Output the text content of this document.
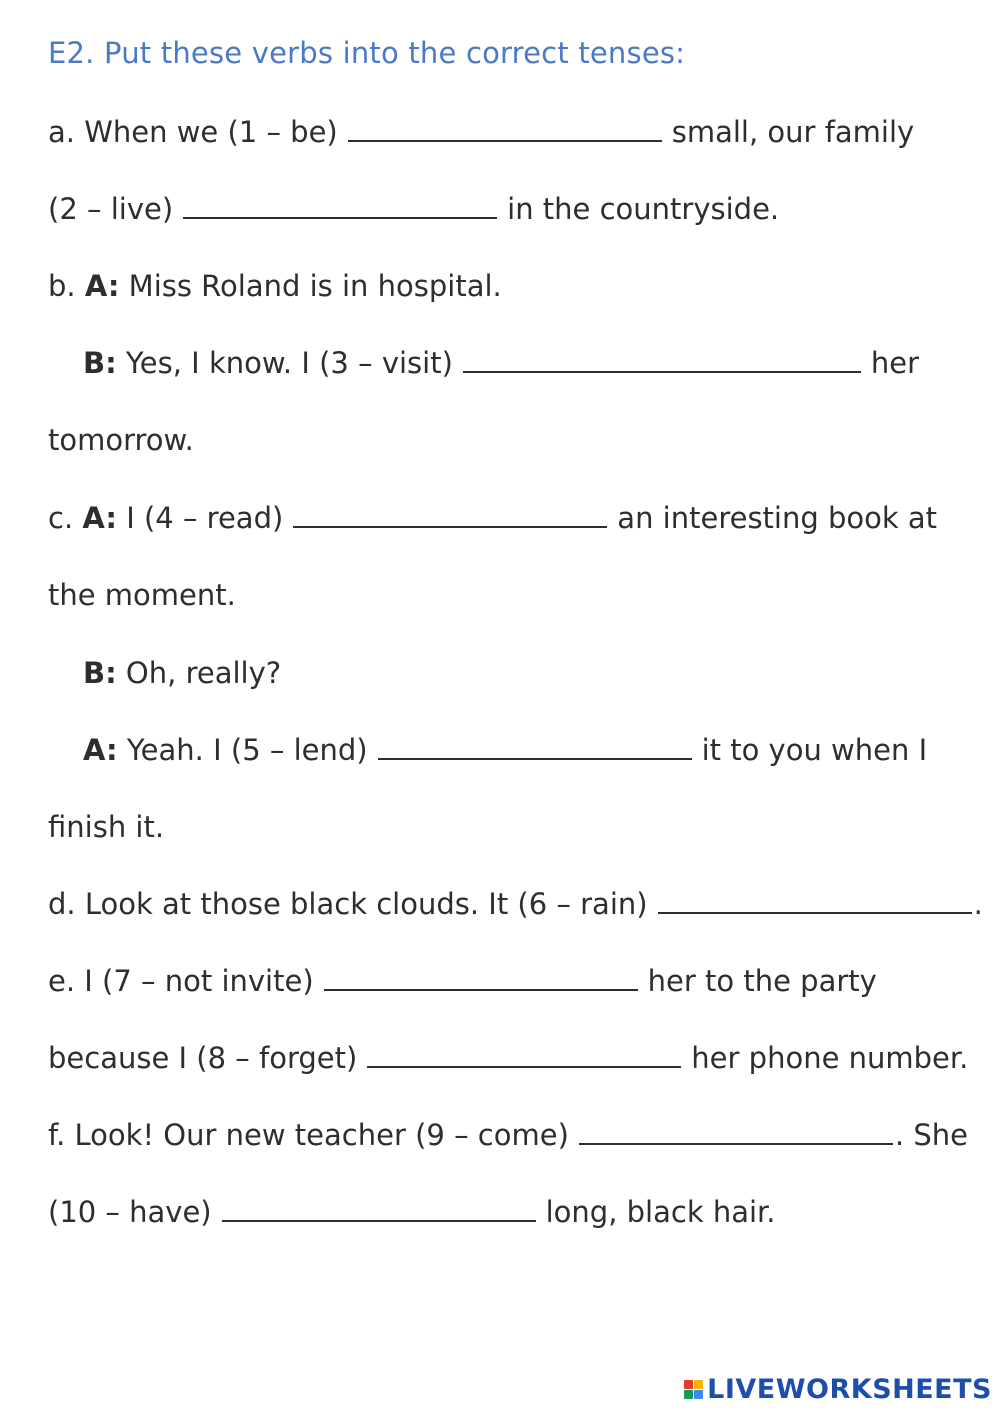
E2. Put these verbs into the correct tenses:
a. When we (1 – be)	small, our family
(2 – live)	in the countryside.
b. A: Miss Roland is in hospital.
B: Yes, I know. I (3 – visit)	her
tomorrow.
c. A: I (4 – read)	an interesting book at
the moment.
B: Oh, really?
A: Yeah. I (5 – lend)	it to you when I
finish it.
d. Look at those black clouds. It (6 – rain)	.
e. I (7 – not invite)	her to the party
because I (8 – forget)	her phone number.
f. Look! Our new teacher (9 – come)	. She
(10 – have)	long, black hair.
LIVEWORKSHEETS
